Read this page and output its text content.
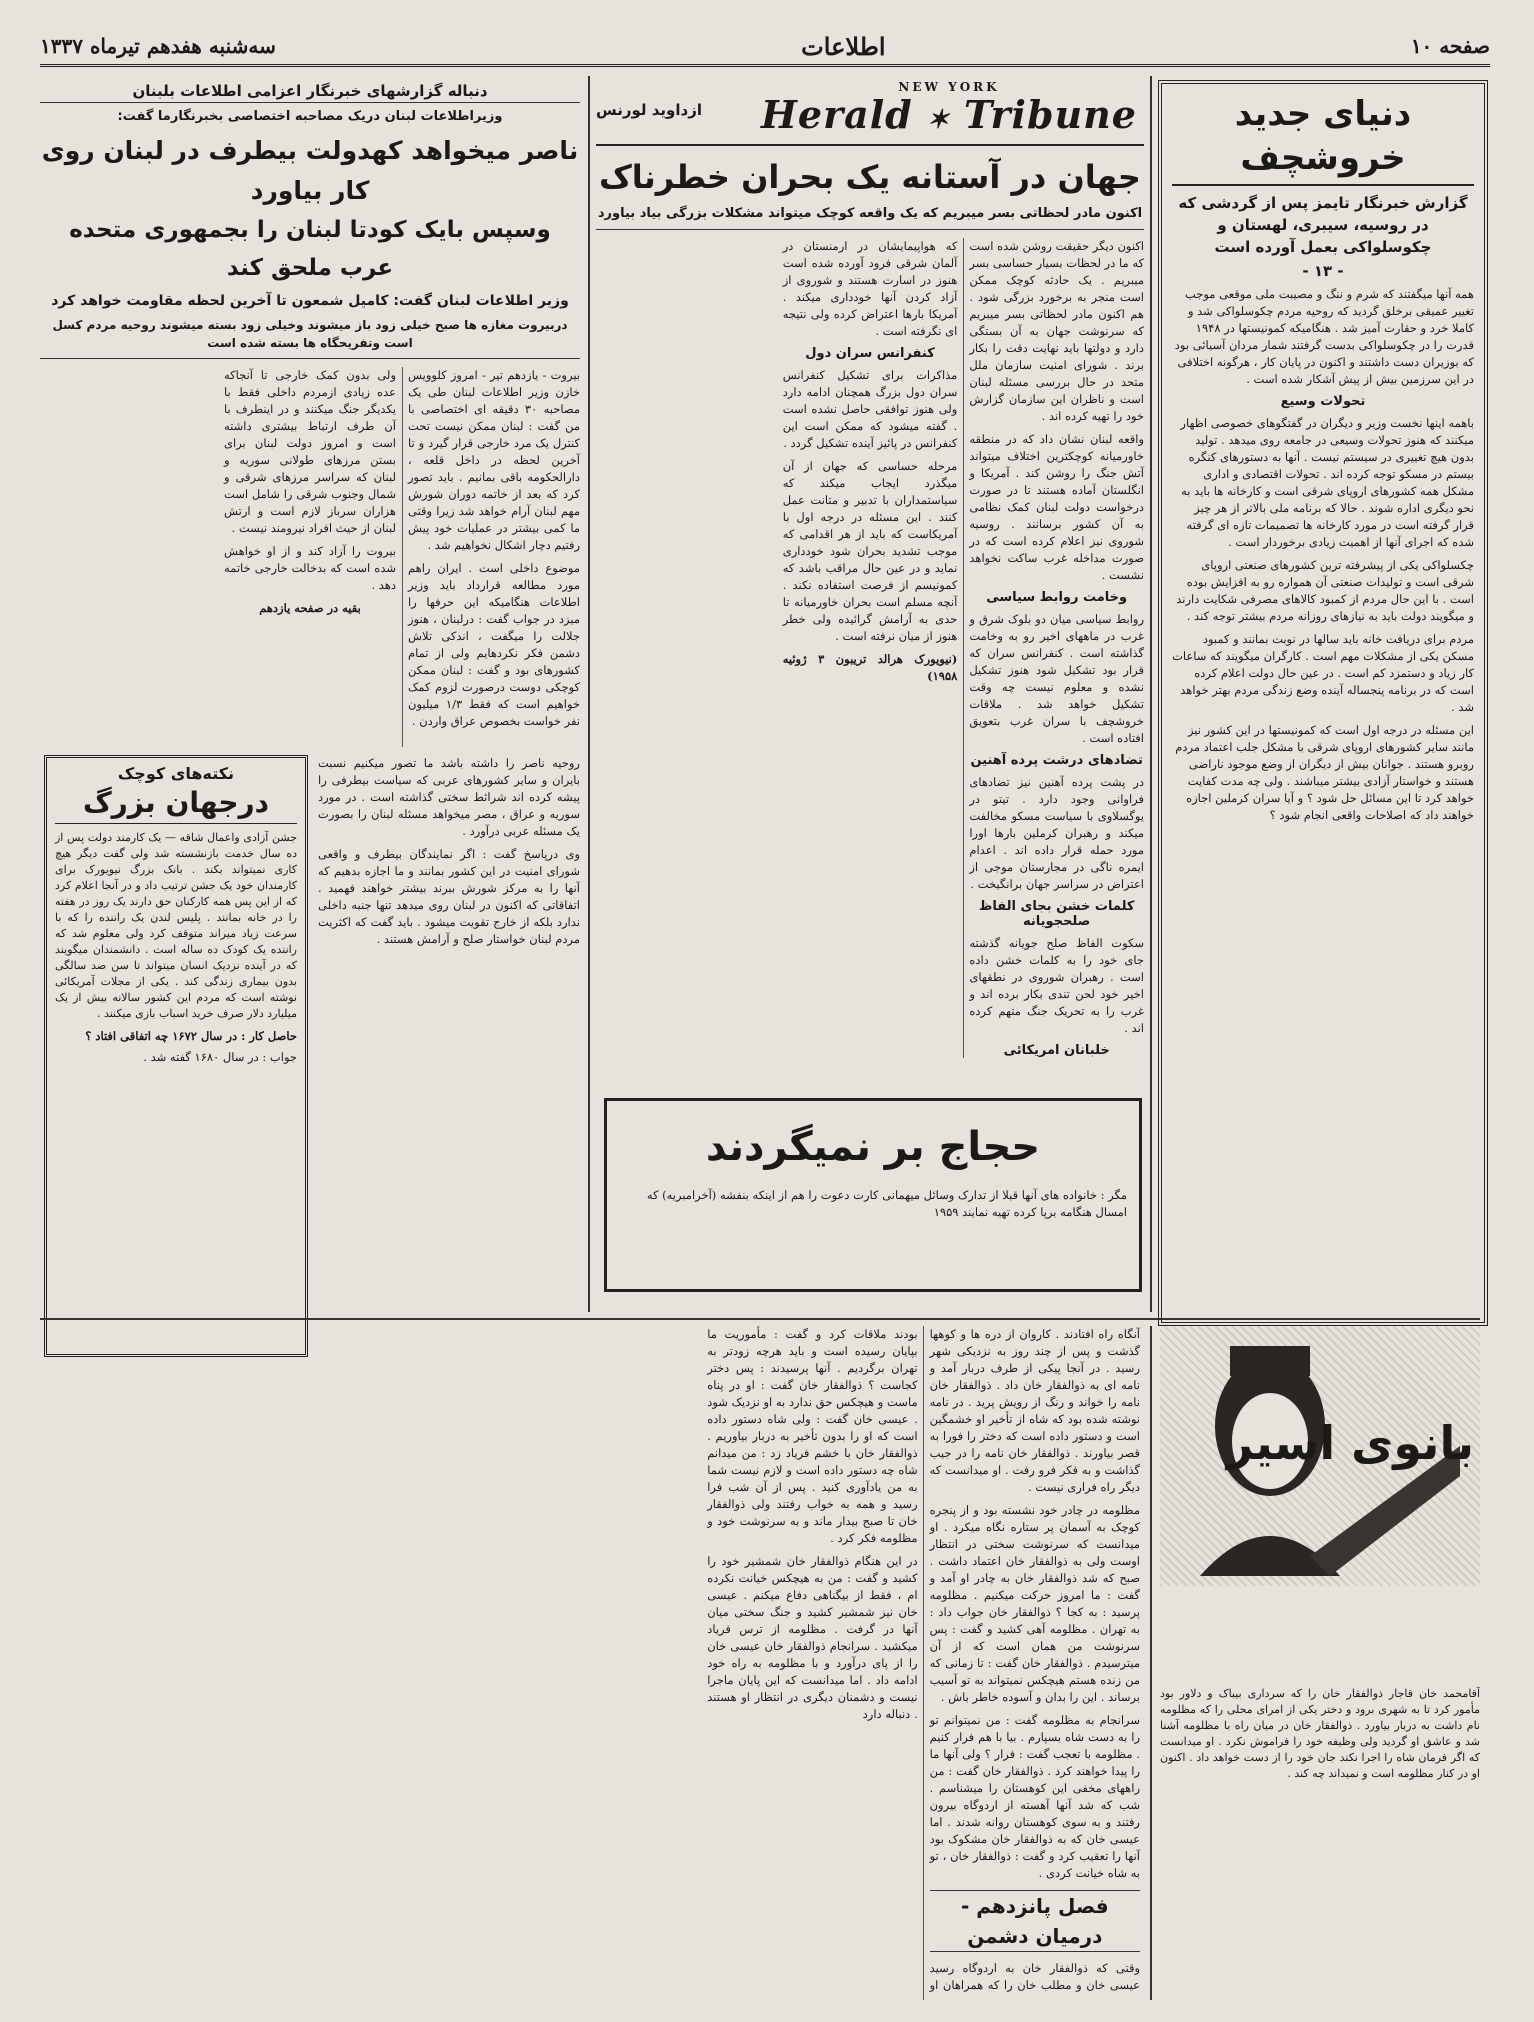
صفحه ۱۰
اطلاعات
سه‌شنبه هفدهم تیرماه ۱۳۳۷
دنیای جدید خروشچف
گزارش خبرنگار تایمز پس از گردشی که در روسیه، سیبری، لهستان و چکوسلواکی بعمل آورده است
- ۱۳ -

همه آنها میگفتند که شرم و ننگ و مصیبت ملی موقعی موجب تغییر عمیقی برخلق گردید که روحیه مردم چکوسلواکی شد و کاملا خرد و حقارت آمیز شد . هنگامیکه کمونیستها در ۱۹۴۸ قدرت را در چکوسلواکی بدست گرفتند شمار مردان آسیائی بود که بوزیران دست داشتند و اکنون در پایان کار ، هرگونه اختلافی در این سرزمین بیش از پیش آشکار شده است .

تحولات وسیع

باهمه اینها نخست وزیر و دیگران در گفتگوهای خصوصی اظهار میکنند که هنوز تحولات وسیعی در جامعه روی میدهد . تولید بدون هیچ تغییری در سیستم نیست . آنها به دستورهای کنگره بیستم در مسکو توجه کرده اند . تحولات اقتصادی و اداری مشکل همه کشورهای اروپای شرقی است و کارخانه ها باید به نحو دیگری اداره شوند . حالا که برنامه ملی بالاتر از هر چیز قرار گرفته است در مورد کارخانه ها تصمیمات تازه ای گرفته شده که اجرای آنها از اهمیت زیادی برخوردار است .

چکسلواکی یکی از پیشرفته ترین کشورهای صنعتی اروپای شرقی است و تولیدات صنعتی آن همواره رو به افزایش بوده است . با این حال مردم از کمبود کالاهای مصرفی شکایت دارند و میگویند دولت باید به نیازهای روزانه مردم بیشتر توجه کند .

مردم برای دریافت خانه باید سالها در نوبت بمانند و کمبود مسکن یکی از مشکلات مهم است . کارگران میگویند که ساعات کار زیاد و دستمزد کم است . در عین حال دولت اعلام کرده است که در برنامه پنجساله آینده وضع زندگی مردم بهتر خواهد شد .

این مسئله در درجه اول است که کمونیستها در این کشور نیز مانند سایر کشورهای اروپای شرقی با مشکل جلب اعتماد مردم روبرو هستند . جوانان بیش از دیگران از وضع موجود ناراضی هستند و خواستار آزادی بیشتر میباشند . ولی چه مدت کفایت خواهد کرد تا این مسائل حل شود ؟ و آیا سران کرملین اجازه خواهند داد که اصلاحات واقعی انجام شود ؟

NEW YORK
Herald ✶ Tribune
ازداوید لورنس
جهان در آستانه یک بحران خطرناک
اکنون مادر لحظاتی بسر میبریم که یک واقعه کوچک میتواند مشکلات بزرگی بیاد بیاورد

اکنون دیگر حقیقت روشن شده است که ما در لحظات بسیار حساسی بسر میبریم . یک حادثه کوچک ممکن است منجر به برخورد بزرگی شود . هم اکنون مادر لحظاتی بسر میبریم که سرنوشت جهان به آن بستگی دارد و دولتها باید نهایت دقت را بکار برند . شورای امنیت سازمان ملل متحد در حال بررسی مسئله لبنان است و ناظران این سازمان گزارش خود را تهیه کرده اند .

واقعه لبنان نشان داد که در منطقه خاورمیانه کوچکترین اختلاف میتواند آتش جنگ را روشن کند . آمریکا و انگلستان آماده هستند تا در صورت درخواست دولت لبنان کمک نظامی به آن کشور برسانند . روسیه شوروی نیز اعلام کرده است که در صورت مداخله غرب ساکت نخواهد نشست .

وخامت روابط سیاسی

روابط سیاسی میان دو بلوک شرق و غرب در ماههای اخیر رو به وخامت گذاشته است . کنفرانس سران که قرار بود تشکیل شود هنوز تشکیل نشده و معلوم نیست چه وقت تشکیل خواهد شد . ملاقات خروشچف با سران غرب بتعویق افتاده است .

تضادهای درشت پرده آهنین

در پشت پرده آهنین نیز تضادهای فراوانی وجود دارد . تیتو در یوگسلاوی با سیاست مسکو مخالفت میکند و رهبران کرملین بارها اورا مورد حمله قرار داده اند . اعدام ایمره ناگی در مجارستان موجی از اعتراض در سراسر جهان برانگیخت .

کلمات خشن بجای الفاظ صلحجویانه

سکوت الفاظ صلح جویانه گذشته جای خود را به کلمات خشن داده است . رهبران شوروی در نطقهای اخیر خود لحن تندی بکار برده اند و غرب را به تحریک جنگ متهم کرده اند .

خلبانان امریکائی

که هواپیمایشان در ارمنستان در آلمان شرقی فرود آورده شده است هنوز در اسارت هستند و شوروی از آزاد کردن آنها خودداری میکند . آمریکا بارها اعتراض کرده ولی نتیجه ای نگرفته است .

کنفرانس سران دول

مذاکرات برای تشکیل کنفرانس سران دول بزرگ همچنان ادامه دارد ولی هنوز توافقی حاصل نشده است . گفته میشود که ممکن است این کنفرانس در پائیز آینده تشکیل گردد .

مرحله حساسی که جهان از آن میگذرد ایجاب میکند که سیاستمداران با تدبیر و متانت عمل کنند . این مسئله در درجه اول با آمریکاست که باید از هر اقدامی که موجب تشدید بحران شود خودداری نماید و در عین حال مراقب باشد که کمونیسم از فرصت استفاده نکند . آنچه مسلم است بحران خاورمیانه تا حدی به آرامش گرائیده ولی خطر هنوز از میان نرفته است .

(نیویورک هرالد تریبون ۳ ژوئیه ۱۹۵۸)

حجاج بر نمیگردند

مگر : خانواده های آنها قبلا از تدارک وسائل میهمانی کارت دعوت را هم از اینکه بنفشه (آخرامبریه) که امسال هنگامه برپا کرده تهیه نمایند ۱۹۵۹

دنباله گزارشهای خبرنگار اعزامی اطلاعات بلبنان
وزیراطلاعات لبنان دریک مصاحبه اختصاصی بخبرنگارما گفت:
ناصر میخواهد کهدولت بیطرف در لبنان روی کار بیاورد
وسپس بایک کودتا لبنان را بجمهوری متحده عرب ملحق کند
وزیر اطلاعات لبنان گفت: کامیل شمعون تا آخرین لحظه مقاومت خواهد کرد
دربیروت مغازه ها صبح خیلی زود باز میشوند وخیلی زود بسته میشوند روحیه مردم کسل است وتفریحگاه ها بسته شده است

بیروت - یازدهم تیر - امروز کلوویس خازن وزیر اطلاعات لبنان طی یک مصاحبه ۳۰ دقیقه ای اختصاصی با من گفت : لبنان ممکن نیست تحت کنترل یک مرد خارجی قرار گیرد و تا آخرین لحظه در داخل قلعه ، دارالحکومه باقی بمانیم . باید تصور کرد که بعد از خاتمه دوران شورش مهم لبنان آرام خواهد شد زیرا وقتی ما کمی بیشتر در عملیات خود پیش رفتیم دچار اشکال نخواهیم شد .

موضوع داخلی است . ایران راهم مورد مطالعه قرارداد باید وزیر اطلاعات هنگامیکه این حرفها را میزد در جواب گفت : درلبنان ، هنوز جلالت را میگفت ، اندکی تلاش دشمن فکر نکردهایم ولی از تمام کشورهای بود و گفت : لبنان ممکن کوچکی دوست درصورت لزوم کمک خواهیم است که فقط ۱/۳ میلیون نفر خواست بخصوص عراق واردن .

ولی بدون کمک خارجی تا آنجاکه عده زیادی ازمردم داخلی فقط با یکدیگر جنگ میکنند و در اینطرف با آن طرف ارتباط بیشتری داشته است و امروز دولت لبنان برای بستن مرزهای طولانی سوریه و لبنان که سراسر مرزهای شرقی و شمال وجنوب شرقی را شامل است هزاران سرباز لازم است و ارتش لبنان از حیث افراد نیرومند نیست .

بیروت را آزاد کند و از او خواهش شده است که بدخالت خارجی خاتمه دهد .

بقیه در صفحه یازدهم

روحیه ناصر را داشته باشد ما تصور میکنیم نسبت بایران و سایر کشورهای عربی که سیاست بیطرفی را پیشه کرده اند شرائط سختی گذاشته است . در مورد سوریه و عراق ، مصر میخواهد مسئله لبنان را بصورت یک مسئله عربی درآورد .

وی درپاسخ گفت : اگر نمایندگان بیطرف و واقعی شورای امنیت در این کشور بمانند و ما اجازه بدهیم که آنها را به مرکز شورش ببرند بیشتر خواهند فهمید . اتفاقاتی که اکنون در لبنان روی میدهد تنها جنبه داخلی ندارد بلکه از خارج تقویت میشود . باید گفت که اکثریت مردم لبنان خواستار صلح و آرامش هستند .

نکته‌های کوچک
درجهان بزرگ

جشن آزادی واعمال شاقه — یک کارمند دولت پس از ده سال خدمت بازنشسته شد ولی گفت دیگر هیچ کاری نمیتواند بکند . بانک بزرگ نیویورک برای کارمندان خود یک جشن ترتیب داد و در آنجا اعلام کرد که از این پس همه کارکنان حق دارند یک روز در هفته را در خانه بمانند . پلیس لندن یک راننده را که با سرعت زیاد میراند متوقف کرد ولی معلوم شد که راننده یک کودک ده ساله است . دانشمندان میگویند که در آینده نزدیک انسان میتواند تا سن صد سالگی بدون بیماری زندگی کند . یکی از مجلات آمریکائی نوشته است که مردم این کشور سالانه بیش از یک میلیارد دلار صرف خرید اسباب بازی میکنند .

حاصل کار : در سال ۱۶۷۲ چه اتفاقی افتاد ؟

جواب : در سال ۱۶۸۰ گفته شد .

بانوی اسیر

آقامحمد خان قاجار ذوالفقار خان را که سرداری بیباک و دلاور بود مأمور کرد تا به شهری برود و دختر یکی از امرای محلی را که مظلومه نام داشت به دربار بیاورد . ذوالفقار خان در میان راه با مظلومه آشنا شد و عاشق او گردید ولی وظیفه خود را فراموش نکرد . او میدانست که اگر فرمان شاه را اجرا نکند جان خود را از دست خواهد داد . اکنون او در کنار مظلومه است و نمیداند چه کند .

آنگاه راه افتادند . کاروان از دره ها و کوهها گذشت و پس از چند روز به نزدیکی شهر رسید . در آنجا پیکی از طرف دربار آمد و نامه ای به ذوالفقار خان داد . ذوالفقار خان نامه را خواند و رنگ از رویش پرید . در نامه نوشته شده بود که شاه از تأخیر او خشمگین است و دستور داده است که دختر را فورا به قصر بیاورند . ذوالفقار خان نامه را در جیب گذاشت و به فکر فرو رفت . او میدانست که دیگر راه فراری نیست .

مظلومه در چادر خود نشسته بود و از پنجره کوچک به آسمان پر ستاره نگاه میکرد . او میدانست که سرنوشت سختی در انتظار اوست ولی به ذوالفقار خان اعتماد داشت . صبح که شد ذوالفقار خان به چادر او آمد و گفت : ما امروز حرکت میکنیم . مظلومه پرسید : به کجا ؟ ذوالفقار خان جواب داد : به تهران . مظلومه آهی کشید و گفت : پس سرنوشت من همان است که از آن میترسیدم . ذوالفقار خان گفت : تا زمانی که من زنده هستم هیچکس نمیتواند به تو آسیب برساند . این را بدان و آسوده خاطر باش .

سرانجام به مظلومه گفت : من نمیتوانم تو را به دست شاه بسپارم . بیا با هم فرار کنیم . مظلومه با تعجب گفت : فرار ؟ ولی آنها ما را پیدا خواهند کرد . ذوالفقار خان گفت : من راههای مخفی این کوهستان را میشناسم . شب که شد آنها آهسته از اردوگاه بیرون رفتند و به سوی کوهستان روانه شدند . اما عیسی خان که به ذوالفقار خان مشکوک بود آنها را تعقیب کرد و گفت : ذوالفقار خان ، تو به شاه خیانت کردی .

فصل پانزدهم - درمیان دشمن

وقتی که ذوالفقار خان به اردوگاه رسید عیسی خان و مطلب خان را که همراهان او بودند ملاقات کرد و گفت : مأموریت ما بپایان رسیده است و باید هرچه زودتر به تهران برگردیم . آنها پرسیدند : پس دختر کجاست ؟ ذوالفقار خان گفت : او در پناه ماست و هیچکس حق ندارد به او نزدیک شود . عیسی خان گفت : ولی شاه دستور داده است که او را بدون تأخیر به دربار بیاوریم . ذوالفقار خان با خشم فریاد زد : من میدانم شاه چه دستور داده است و لازم نیست شما به من یادآوری کنید . پس از آن شب فرا رسید و همه به خواب رفتند ولی ذوالفقار خان تا صبح بیدار ماند و به سرنوشت خود و مظلومه فکر کرد .

در این هنگام ذوالفقار خان شمشیر خود را کشید و گفت : من به هیچکس خیانت نکرده ام ، فقط از بیگناهی دفاع میکنم . عیسی خان نیز شمشیر کشید و جنگ سختی میان آنها در گرفت . مظلومه از ترس فریاد میکشید . سرانجام ذوالفقار خان عیسی خان را از پای درآورد و با مظلومه به راه خود ادامه داد . اما میدانست که این پایان ماجرا نیست و دشمنان دیگری در انتظار او هستند . دنباله دارد
